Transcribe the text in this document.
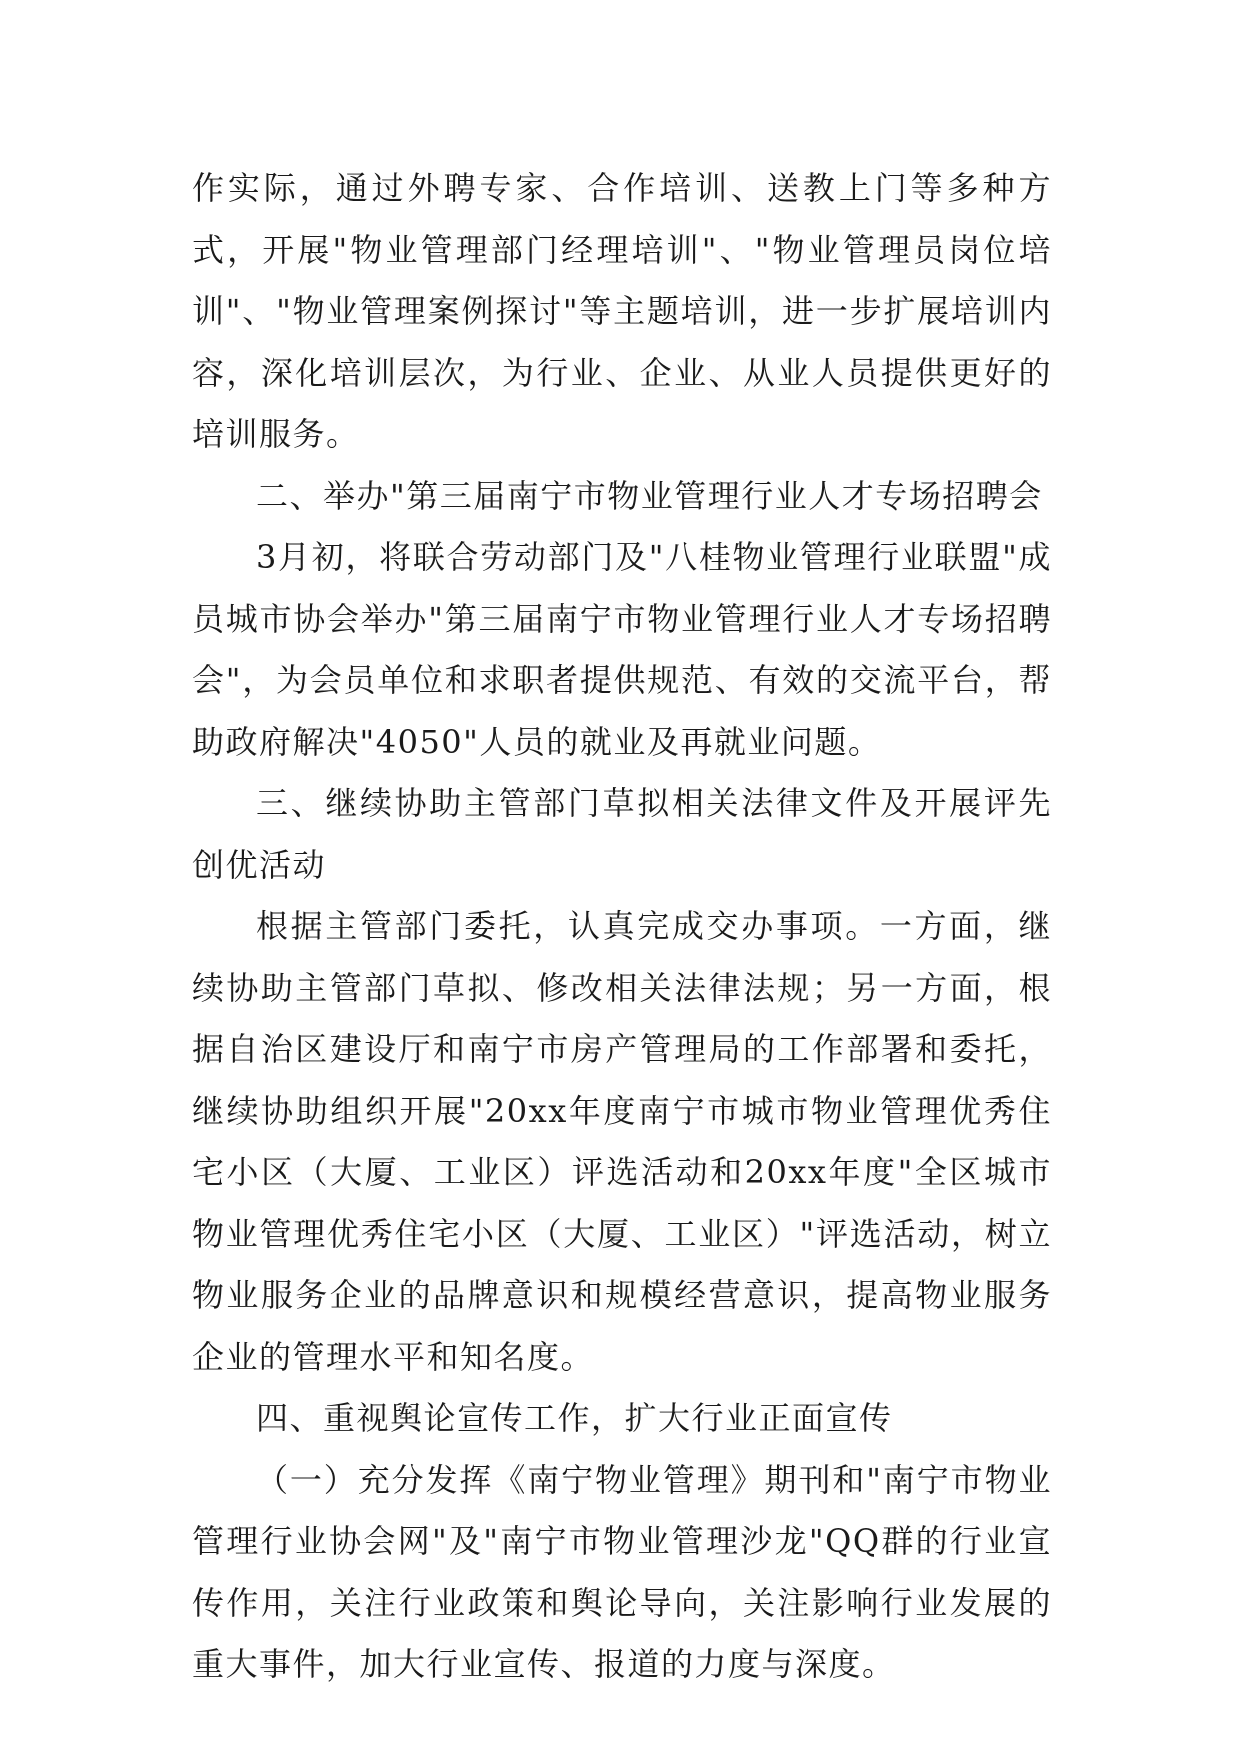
作实际，通过外聘专家、合作培训、送教上门等多种方式，开展"物业管理部门经理培训"、"物业管理员岗位培训"、"物业管理案例探讨"等主题培训，进一步扩展培训内容，深化培训层次，为行业、企业、从业人员提供更好的培训服务。

二、举办"第三届南宁市物业管理行业人才专场招聘会

3月初，将联合劳动部门及"八桂物业管理行业联盟"成员城市协会举办"第三届南宁市物业管理行业人才专场招聘会"，为会员单位和求职者提供规范、有效的交流平台，帮助政府解决"4050"人员的就业及再就业问题。

三、继续协助主管部门草拟相关法律文件及开展评先创优活动

根据主管部门委托，认真完成交办事项。一方面，继续协助主管部门草拟、修改相关法律法规；另一方面，根据自治区建设厅和南宁市房产管理局的工作部署和委托，继续协助组织开展"20xx年度南宁市城市物业管理优秀住宅小区（大厦、工业区）评选活动和20xx年度"全区城市物业管理优秀住宅小区（大厦、工业区）"评选活动，树立物业服务企业的品牌意识和规模经营意识，提高物业服务企业的管理水平和知名度。

四、重视舆论宣传工作，扩大行业正面宣传

（一）充分发挥《南宁物业管理》期刊和"南宁市物业管理行业协会网"及"南宁市物业管理沙龙"QQ群的行业宣传作用，关注行业政策和舆论导向，关注影响行业发展的重大事件，加大行业宣传、报道的力度与深度。
